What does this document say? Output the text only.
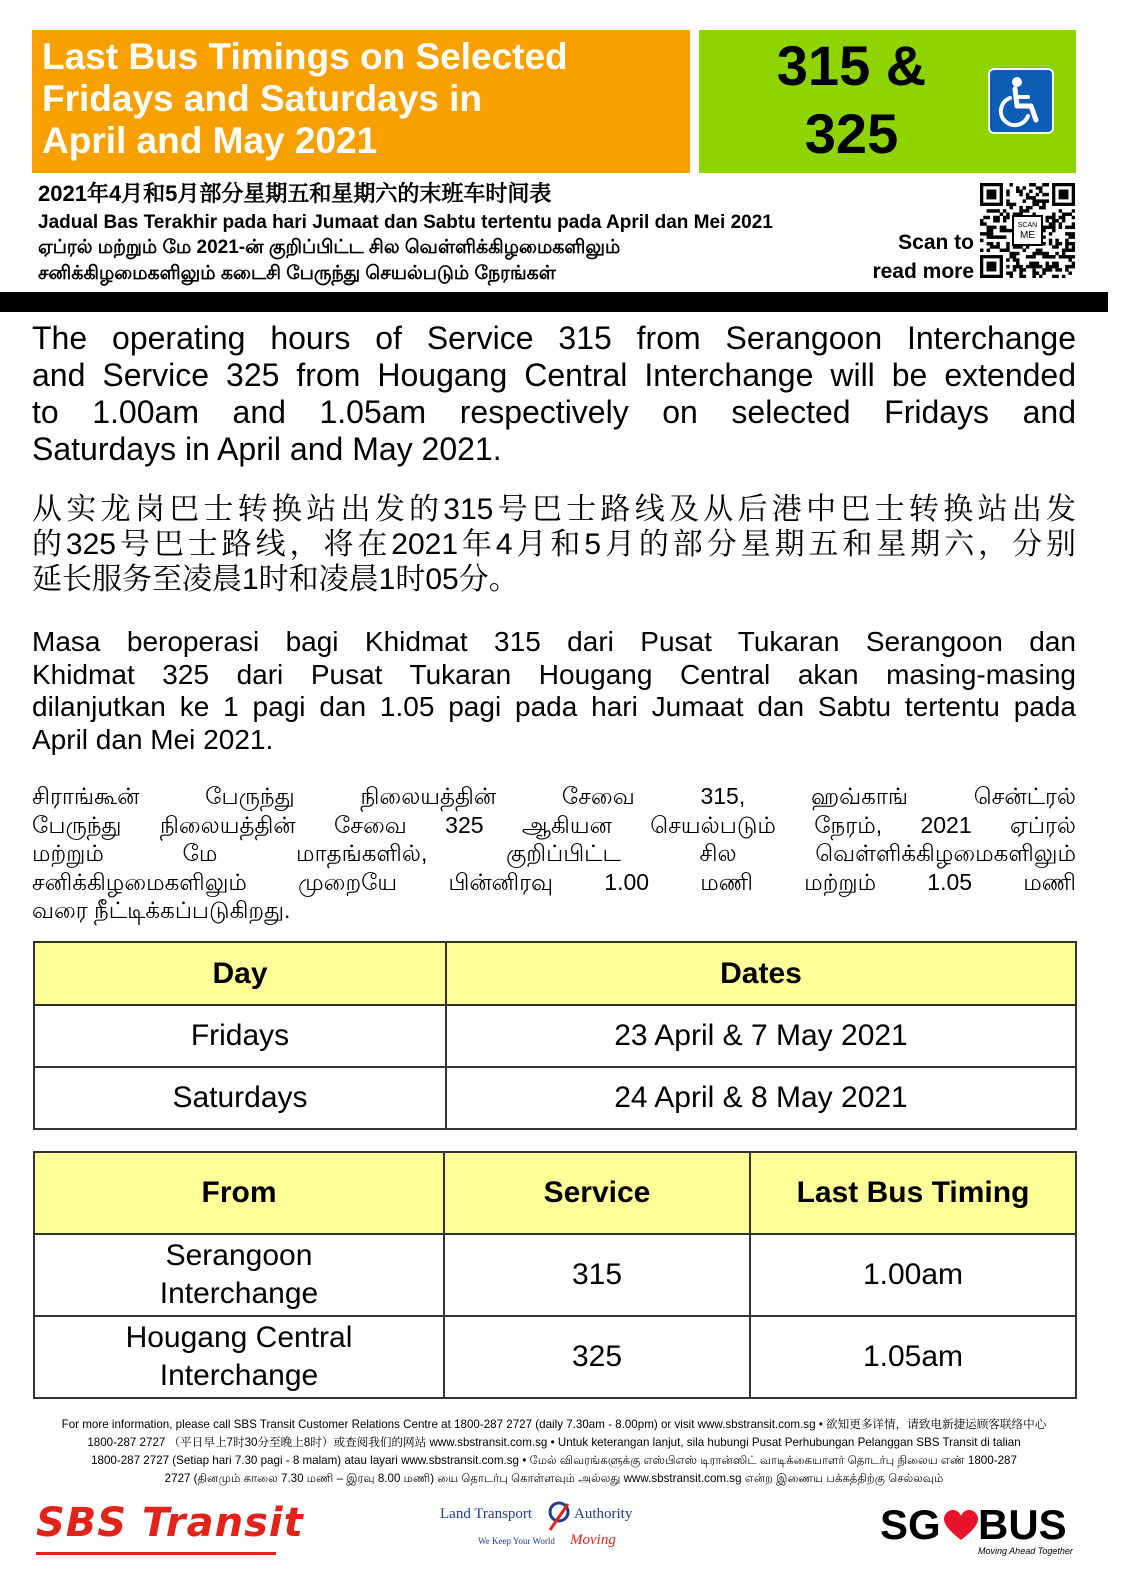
Last Bus Timings on Selected
Fridays and Saturdays in
April and May 2021
315 &
325
2021年4月和5月部分星期五和星期六的末班车时间表
Jadual Bas Terakhir pada hari Jumaat dan Sabtu tertentu pada April dan Mei 2021
ஏப்ரல் மற்றும் மே 2021-ன் குறிப்பிட்ட சில வெள்ளிக்கிழமைகளிலும்
சனிக்கிழமைகளிலும் கடைசி பேருந்து செயல்படும் நேரங்கள்
Scan to
read more
SCAN
ME
The operating hours of Service 315 from Serangoon Interchange
and Service 325 from Hougang Central Interchange will be extended
to 1.00am and 1.05am respectively on selected Fridays and
Saturdays in April and May 2021.
从实龙岗巴士转换站出发的315号巴士路线及从后港中巴士转换站出发
的325号巴士路线，将在2021年4月和5月的部分星期五和星期六，分别
延长服务至凌晨1时和凌晨1时05分。
Masa beroperasi bagi Khidmat 315 dari Pusat Tukaran Serangoon dan
Khidmat 325 dari Pusat Tukaran Hougang Central akan masing-masing
dilanjutkan ke 1 pagi dan 1.05 pagi pada hari Jumaat dan Sabtu tertentu pada
April dan Mei 2021.
சிராங்கூன் பேருந்து நிலையத்தின் சேவை 315, ஹவ்காங் சென்ட்ரல்
பேருந்து நிலையத்தின் சேவை 325 ஆகியன செயல்படும் நேரம், 2021 ஏப்ரல்
மற்றும் மே மாதங்களில், குறிப்பிட்ட சில வெள்ளிக்கிழமைகளிலும்
சனிக்கிழமைகளிலும் முறையே பின்னிரவு 1.00 மணி மற்றும் 1.05 மணி
வரை நீட்டிக்கப்படுகிறது.
Day	Dates
Fridays	23 April & 7 May 2021
Saturdays	24 April & 8 May 2021
From	Service	Last Bus Timing

Serangoon
Interchange	315	1.00am

Hougang Central
Interchange	325	1.05am
For more information, please call SBS Transit Customer Relations Centre at 1800-287 2727 (daily 7.30am - 8.00pm) or visit www.sbstransit.com.sg • 欲知更多详情，请致电新捷运顾客联络中心
1800-287 2727 （平日早上7时30分至晚上8时）或查阅我们的网站 www.sbstransit.com.sg • Untuk keterangan lanjut, sila hubungi Pusat Perhubungan Pelanggan SBS Transit di talian
1800-287 2727 (Setiap hari 7.30 pagi - 8 malam) atau layari www.sbstransit.com.sg • மேல் விவரங்களுக்கு எஸ்பிஎஸ் டிரான்ஸிட் வாடிக்கையாளர் தொடர்பு நிலைய எண் 1800-287
2727 (தினமும் காலை 7.30 மணி – இரவு 8.00 மணி) யை தொடர்பு கொள்ளவும் அல்லது www.sbstransit.com.sg என்ற இணைய பக்கத்திற்கு செல்லவும்
SBS Transit	Land Transport	Authority
We Keep Your World Moving	SG BUS
Moving Ahead Together
